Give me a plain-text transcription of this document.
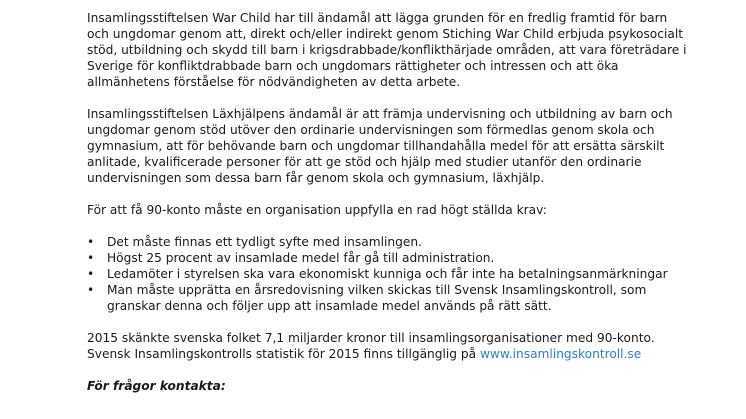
Insamlingsstiftelsen War Child har till ändamål att lägga grunden för en fredlig framtid för barn och ungdomar genom att, direkt och/eller indirekt genom Stiching War Child erbjuda psykosocialt stöd, utbildning och skydd till barn i krigsdrabbade/konflikthärjade områden, att vara företrädare i Sverige för konfliktdrabbade barn och ungdomars rättigheter och intressen och att öka allmänhetens förståelse för nödvändigheten av detta arbete.

Insamlingsstiftelsen Läxhjälpens ändamål är att främja undervisning och utbildning av barn och ungdomar genom stöd utöver den ordinarie undervisningen som förmedlas genom skola och gymnasium, att för behövande barn och ungdomar tillhandahålla medel för att ersätta särskilt anlitade, kvalificerade personer för att ge stöd och hjälp med studier utanför den ordinarie undervisningen som dessa barn får genom skola och gymnasium, läxhjälp.

För att få 90-konto måste en organisation uppfylla en rad högt ställda krav:

• Det måste finnas ett tydligt syfte med insamlingen.
• Högst 25 procent av insamlade medel får gå till administration.
• Ledamöter i styrelsen ska vara ekonomiskt kunniga och får inte ha betalningsanmärkningar
• Man måste upprätta en årsredovisning vilken skickas till Svensk Insamlingskontroll, som granskar denna och följer upp att insamlade medel används på rätt sätt.

2015 skänkte svenska folket 7,1 miljarder kronor till insamlingsorganisationer med 90-konto.
Svensk Insamlingskontrolls statistik för 2015 finns tillgänglig på www.insamlingskontroll.se

För frågor kontakta:
